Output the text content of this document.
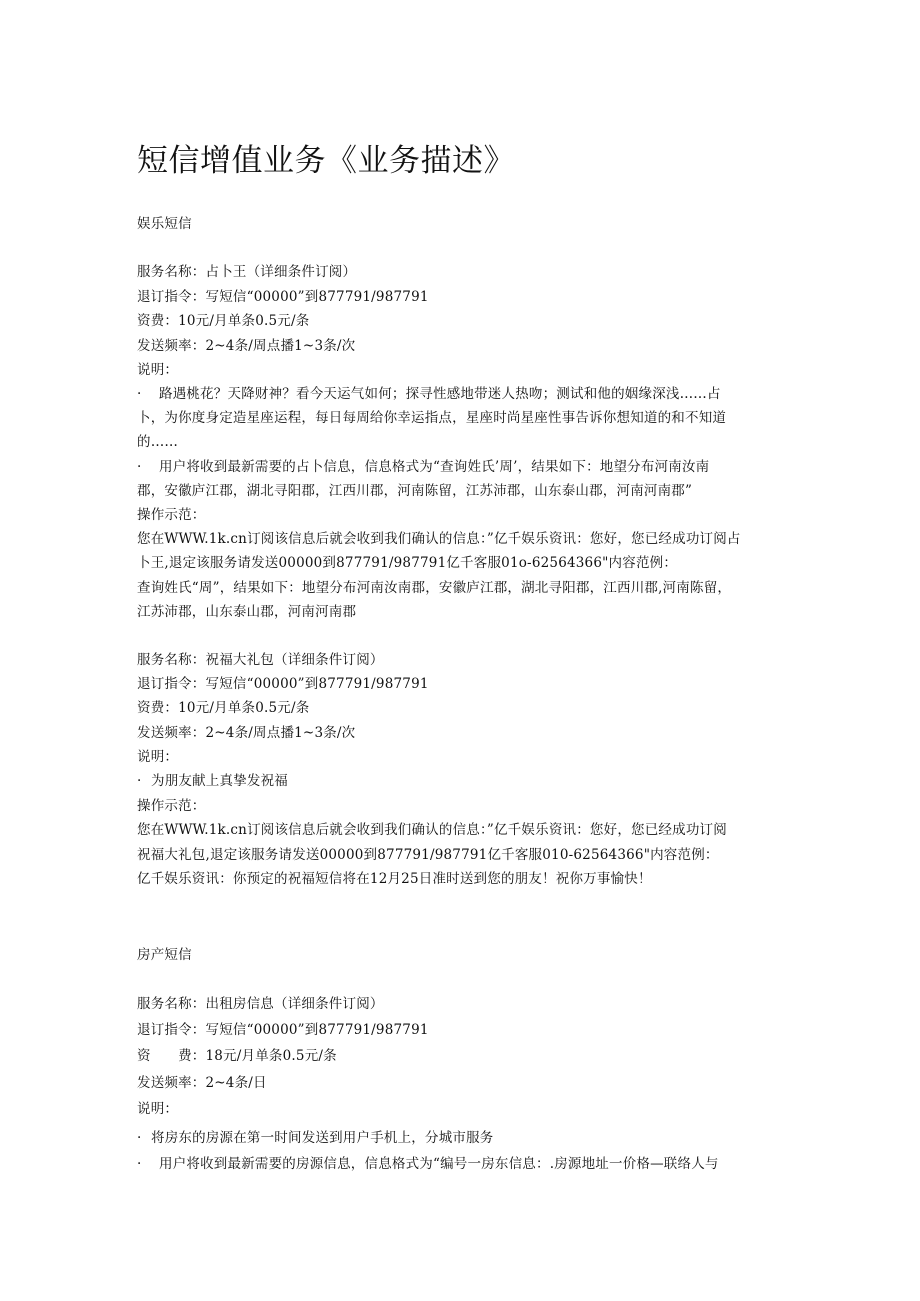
短信增值业务《业务描述》
娱乐短信
服务名称：占卜王（详细条件订阅）
退订指令：写短信“00000”到877791/987791
资费：10元/月单条0.5元/条
发送频率：2~4条/周点播1~3条/次
说明：
· 路遇桃花？天降财神？看今天运气如何；探寻性感地带迷人热吻；测试和他的姻缘深浅……占
卜，为你度身定造星座运程，每日每周给你幸运指点，星座时尚星座性事告诉你想知道的和不知道
的……
· 用户将收到最新需要的占卜信息，信息格式为“查询姓氏’周’，结果如下：地望分布河南汝南
郡，安徽庐江郡，湖北寻阳郡，江西川郡，河南陈留，江苏沛郡，山东泰山郡，河南河南郡”
操作示范：
您在WWW.1k.cn订阅该信息后就会收到我们确认的信息：”亿千娱乐资讯：您好，您已经成功订阅占
卜王,退定该服务请发送00000到877791/987791亿千客服01o-62564366"内容范例：
查询姓氏“周”，结果如下：地望分布河南汝南郡，安徽庐江郡，湖北寻阳郡，江西川郡,河南陈留，
江苏沛郡，山东泰山郡，河南河南郡
服务名称：祝福大礼包（详细条件订阅）
退订指令：写短信“00000”到877791/987791
资费：10元/月单条0.5元/条
发送频率：2~4条/周点播1~3条/次
说明：
· 为朋友献上真挚发祝福
操作示范：
您在WWW.1k.cn订阅该信息后就会收到我们确认的信息：”亿千娱乐资讯：您好，您已经成功订阅
祝福大礼包,退定该服务请发送00000到877791/987791亿千客服010-62564366"内容范例：
亿千娱乐资讯：你预定的祝福短信将在12月25日准时送到您的朋友！祝你万事愉快！
房产短信
服务名称：出租房信息（详细条件订阅）
退订指令：写短信“00000”到877791/987791
资　　费：18元/月单条0.5元/条
发送频率：2~4条/日
说明：
· 将房东的房源在第一时间发送到用户手机上，分城市服务
· 用户将收到最新需要的房源信息，信息格式为“编号一房东信息：.房源地址一价格—联络人与
